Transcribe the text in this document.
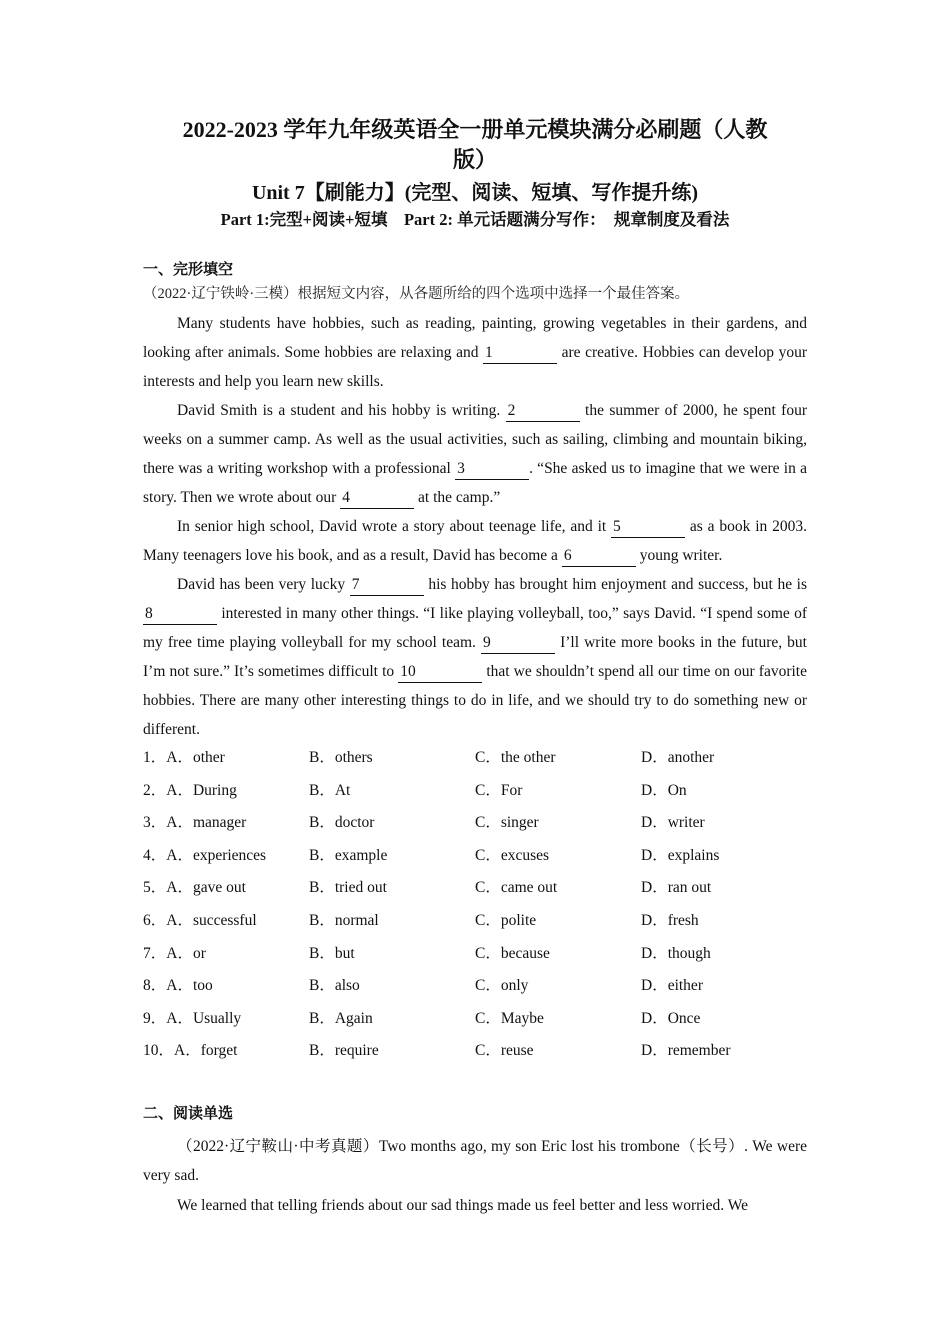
2022-2023 学年九年级英语全一册单元模块满分必刷题（人教
版）
Unit 7【刷能力】(完型、阅读、短填、写作提升练)
Part 1:完型+阅读+短填    Part 2: 单元话题满分写作：  规章制度及看法
一、完形填空
（2022·辽宁铁岭·三模）根据短文内容，从各题所给的四个选项中选择一个最佳答案。
Many students have hobbies, such as reading, painting, growing vegetables in their gardens, and looking after animals. Some hobbies are relaxing and 1	are creative. Hobbies can develop your interests and help you learn new skills.
David Smith is a student and his hobby is writing. 2	the summer of 2000, he spent four weeks on a summer camp. As well as the usual activities, such as sailing, climbing and mountain biking, there was a writing workshop with a professional 3	. “She asked us to imagine that we were in a story. Then we wrote about our 4	at the camp.”
In senior high school, David wrote a story about teenage life, and it 5	as a book in 2003. Many teenagers love his book, and as a result, David has become a 6	young writer.
David has been very lucky 7	his hobby has brought him enjoyment and success, but he is 8	interested in many other things. “I like playing volleyball, too,” says David. “I spend some of my free time playing volleyball for my school team. 9	I’ll write more books in the future, but I’m not sure.” It’s sometimes difficult to 10	that we shouldn’t spend all our time on our favorite hobbies. There are many other interesting things to do in life, and we should try to do something new or different.
1．A．other	B．others	C．the other	D．another
2．A．During	B．At	C．For	D．On
3．A．manager	B．doctor	C．singer	D．writer
4．A．experiences	B．example	C．excuses	D．explains
5．A．gave out	B．tried out	C．came out	D．ran out
6．A．successful	B．normal	C．polite	D．fresh
7．A．or	B．but	C．because	D．though
8．A．too	B．also	C．only	D．either
9．A．Usually	B．Again	C．Maybe	D．Once
10．A．forget	B．require	C．reuse	D．remember
二、阅读单选
（2022·辽宁鞍山·中考真题）Two months ago, my son Eric lost his trombone（长号）. We were very sad.
We learned that telling friends about our sad things made us feel better and less worried. We
